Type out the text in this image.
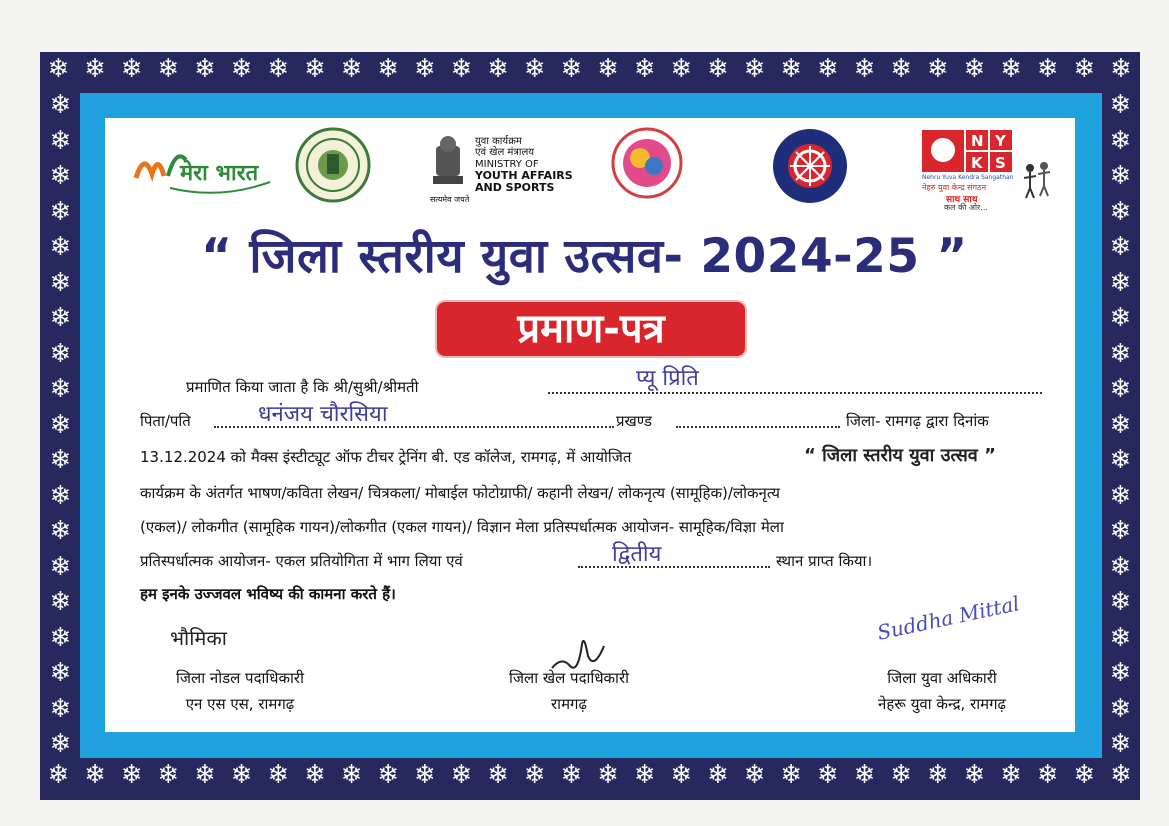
❄ ❄ ❄ ❄ ❄ ❄ ❄ ❄ ❄ ❄ ❄ ❄ ❄ ❄ ❄ ❄ ❄ ❄ ❄ ❄ ❄ ❄ ❄ ❄ ❄ ❄ ❄ ❄ ❄ ❄
❄ ❄ ❄ ❄ ❄ ❄ ❄ ❄ ❄ ❄ ❄ ❄ ❄ ❄ ❄ ❄ ❄ ❄ ❄ ❄ ❄ ❄ ❄ ❄ ❄ ❄ ❄ ❄ ❄ ❄
❄
❄
❄
❄
❄
❄
❄
❄
❄
❄
❄
❄
❄
❄
❄
❄
❄
❄
❄
❄
❄
❄
❄
❄
❄
❄
❄
❄
❄
❄
❄
❄
❄
❄
❄
❄
❄
❄
मेरा भारत
युवा कार्यक्रम
एवं खेल मंत्रालय
MINISTRY OF
YOUTH AFFAIRS
AND SPORTS
सत्यमेव जयते
N Y
K S
Nehru Yuva Kendra Sangathan
नेहरु युवा केन्द्र संगठन
साथ साथ
कल की ओर...
“ जिला स्तरीय युवा उत्सव- 2024-25 ”
प्रमाण-पत्र
प्रमाणित किया जाता है कि श्री/सुश्री/श्रीमती	प्यू प्रिति
पिता/पति	धनंजय चौरसिया	प्रखण्ड	जिला- रामगढ़ द्वारा दिनांक
13.12.2024 को मैक्स इंस्टीट्यूट ऑफ टीचर ट्रेनिंग बी. एड कॉलेज, रामगढ़, में आयोजित	“ जिला स्तरीय युवा उत्सव ”
कार्यक्रम के अंतर्गत भाषण/कविता लेखन/ चित्रकला/ मोबाईल फोटोग्राफी/ कहानी लेखन/ लोकनृत्य (सामूहिक)/लोकनृत्य
(एकल)/ लोकगीत (सामूहिक गायन)/लोकगीत (एकल गायन)/ विज्ञान मेला प्रतिस्पर्धात्मक आयोजन- सामूहिक/विज्ञा मेला
प्रतिस्पर्धात्मक आयोजन- एकल प्रतियोगिता में भाग लिया एवं	द्वितीय	स्थान प्राप्त किया।
हम इनके उज्जवल भविष्य की कामना करते हैं।
भौमिका	Suddha Mittal
जिला नोडल पदाधिकारी
एन एस एस, रामगढ़
जिला खेल पदाधिकारी
रामगढ़
जिला युवा अधिकारी
नेहरू युवा केन्द्र, रामगढ़
